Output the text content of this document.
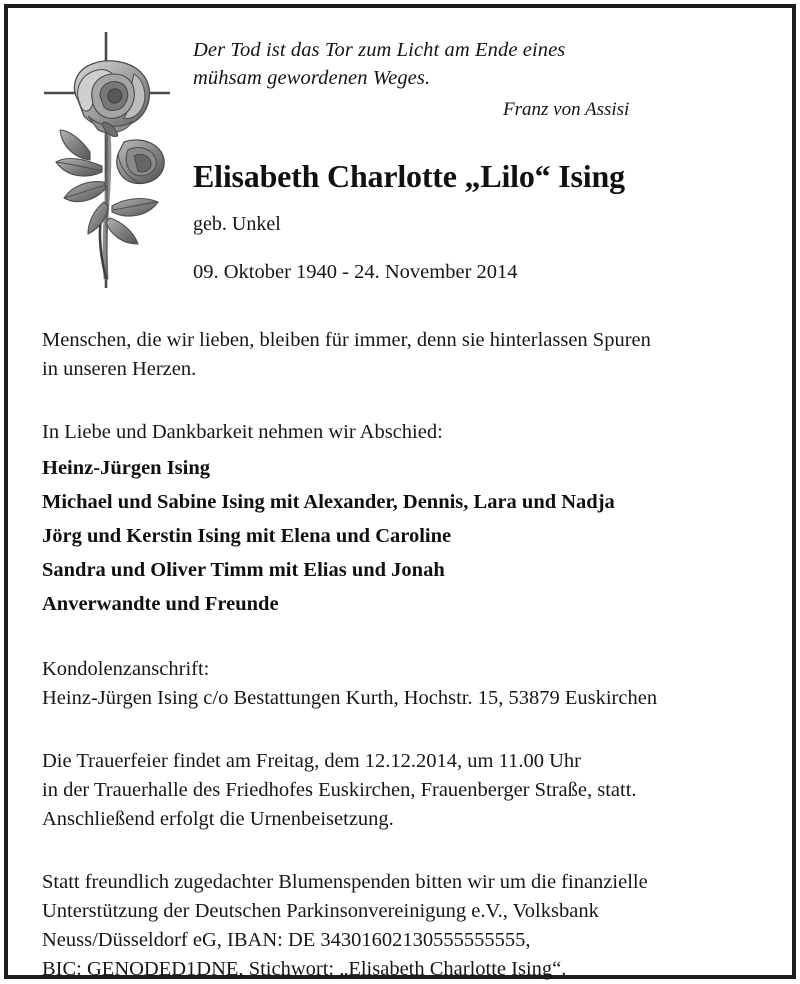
Der Tod ist das Tor zum Licht am Ende eines
mühsam gewordenen Weges.
Franz von Assisi
Elisabeth Charlotte „Lilo“ Ising
geb. Unkel
09. Oktober 1940 - 24. November 2014
Menschen, die wir lieben, bleiben für immer, denn sie hinterlassen Spuren
in unseren Herzen.
In Liebe und Dankbarkeit nehmen wir Abschied:
Heinz-Jürgen Ising
Michael und Sabine Ising mit Alexander, Dennis, Lara und Nadja
Jörg und Kerstin Ising mit Elena und Caroline
Sandra und Oliver Timm mit Elias und Jonah
Anverwandte und Freunde
Kondolenzanschrift:
Heinz-Jürgen Ising c/o Bestattungen Kurth, Hochstr. 15, 53879 Euskirchen
Die Trauerfeier findet am Freitag, dem 12.12.2014, um 11.00 Uhr
in der Trauerhalle des Friedhofes Euskirchen, Frauenberger Straße, statt.
Anschließend erfolgt die Urnenbeisetzung.
Statt freundlich zugedachter Blumenspenden bitten wir um die finanzielle
Unterstützung der Deutschen Parkinsonvereinigung e.V., Volksbank
Neuss/Düsseldorf eG, IBAN: DE 34301602130555555555,
BIC: GENODED1DNE, Stichwort: „Elisabeth Charlotte Ising“.
